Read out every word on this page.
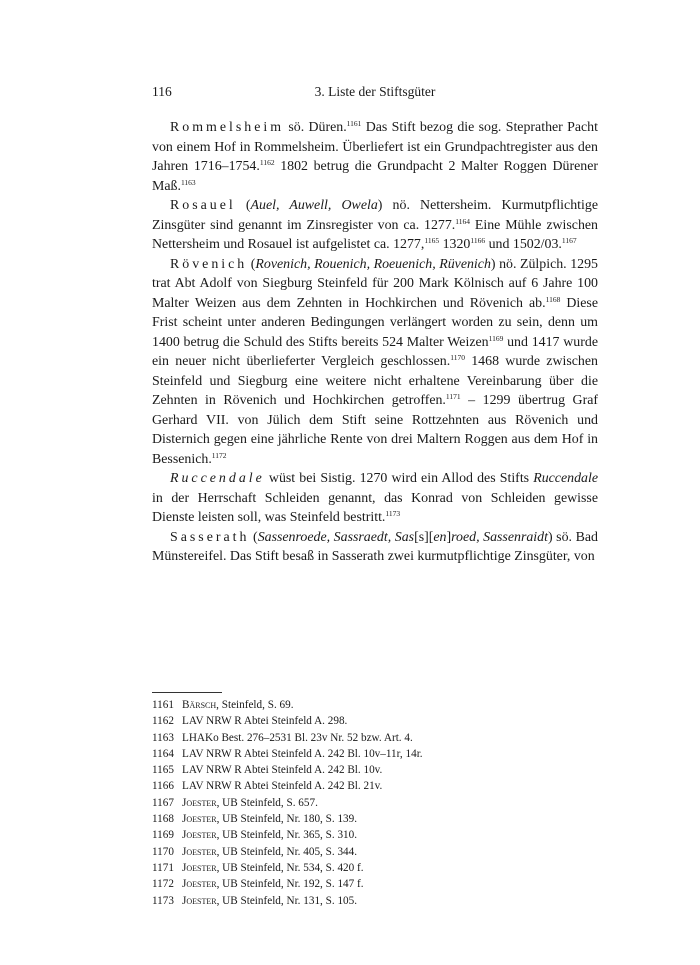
116	3. Liste der Stiftsgüter

Rommelsheim sö. Düren.$^{1161}$ Das Stift bezog die sog. Steprather Pacht von einem Hof in Rommelsheim. Überliefert ist ein Grundpachtregister aus den Jahren 1716–1754.$^{1162}$ 1802 betrug die Grundpacht 2 Malter Roggen Dürener Maß.$^{1163}$

Rosauel (Auel, Auwell, Owela) nö. Nettersheim. Kurmutpflichtige Zinsgüter sind genannt im Zinsregister von ca. 1277.$^{1164}$ Eine Mühle zwischen Nettersheim und Rosauel ist aufgelistet ca. 1277,$^{1165}$ $1320^{1166}$ und 1502/03.$^{1167}$

Rövenich (Rovenich, Rouenich, Roeuenich, Rüvenich) nö. Zülpich. 1295 trat Abt Adolf von Siegburg Steinfeld für 200 Mark Kölnisch auf 6 Jahre 100 Malter Weizen aus dem Zehnten in Hochkirchen und Rövenich ab.$^{1168}$ Diese Frist scheint unter anderen Bedingungen verlängert worden zu sein, denn um 1400 betrug die Schuld des Stifts bereits 524 Malter Weizen$^{1169}$ und 1417 wurde ein neuer nicht überlieferter Vergleich geschlossen.$^{1170}$ 1468 wurde zwischen Steinfeld und Siegburg eine weitere nicht erhaltene Vereinbarung über die Zehnten in Rövenich und Hochkirchen getroffen.$^{1171}$ – 1299 übertrug Graf Gerhard VII. von Jülich dem Stift seine Rottzehnten aus Rövenich und Disternich gegen eine jährliche Rente von drei Maltern Roggen aus dem Hof in Bessenich.$^{1172}$

Ruccendale wüst bei Sistig. 1270 wird ein Allod des Stifts Ruccendale in der Herrschaft Schleiden genannt, das Konrad von Schleiden gewisse Dienste leisten soll, was Steinfeld bestritt.$^{1173}$

Sasserath (Sassenroede, Sassraedt, Sas[s][en]roed, Sassenraidt) sö. Bad Münstereifel. Das Stift besaß in Sasserath zwei kurmutpflichtige Zinsgüter, von

1161 Bärsch, Steinfeld, S. 69.
1162 LAV NRW R Abtei Steinfeld A. 298.
1163 LHAKo Best. 276–2531 Bl. 23v Nr. 52 bzw. Art. 4.
1164 LAV NRW R Abtei Steinfeld A. 242 Bl. 10v–11r, 14r.
1165 LAV NRW R Abtei Steinfeld A. 242 Bl. 10v.
1166 LAV NRW R Abtei Steinfeld A. 242 Bl. 21v.
1167 Joester, UB Steinfeld, S. 657.
1168 Joester, UB Steinfeld, Nr. 180, S. 139.
1169 Joester, UB Steinfeld, Nr. 365, S. 310.
1170 Joester, UB Steinfeld, Nr. 405, S. 344.
1171 Joester, UB Steinfeld, Nr. 534, S. 420 f.
1172 Joester, UB Steinfeld, Nr. 192, S. 147 f.
1173 Joester, UB Steinfeld, Nr. 131, S. 105.
